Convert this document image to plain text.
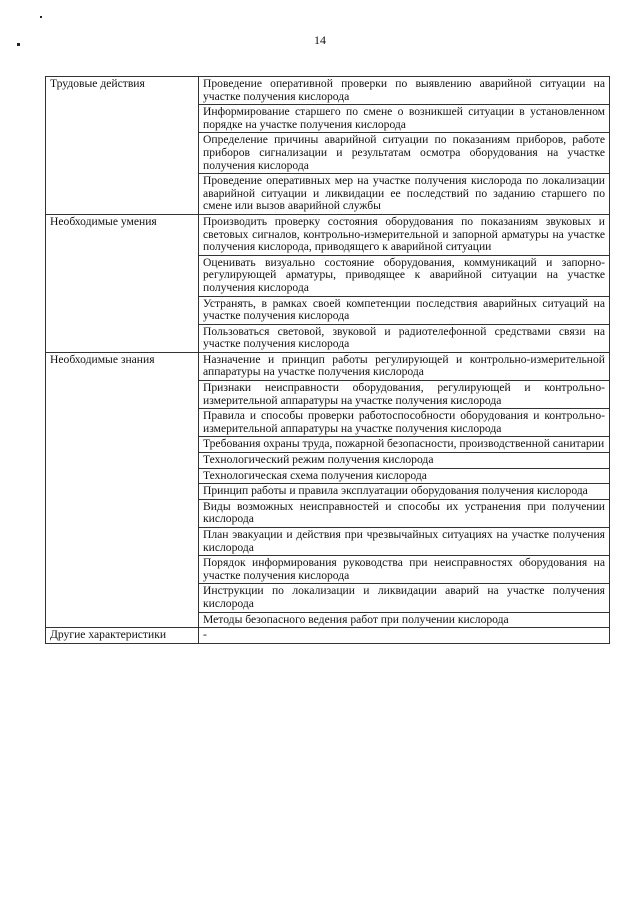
14
Трудовые действия	Проведение оперативной проверки по выявлению аварийной ситуации на участке получения кислорода
	Информирование старшего по смене о возникшей ситуации в установленном порядке на участке получения кислорода
	Определение причины аварийной ситуации по показаниям приборов, работе приборов сигнализации и результатам осмотра оборудования на участке получения кислорода
	Проведение оперативных мер на участке получения кислорода по локализации аварийной ситуации и ликвидации ее последствий по заданию старшего по смене или вызов аварийной службы
Необходимые умения	Производить проверку состояния оборудования по показаниям звуковых и световых сигналов, контрольно-измерительной и запорной арматуры на участке получения кислорода, приводящего к аварийной ситуации
	Оценивать визуально состояние оборудования, коммуникаций и запорно-регулирующей арматуры, приводящее к аварийной ситуации на участке получения кислорода
	Устранять, в рамках своей компетенции последствия аварийных ситуаций на участке получения кислорода
	Пользоваться световой, звуковой и радиотелефонной средствами связи на участке получения кислорода
Необходимые знания	Назначение и принцип работы регулирующей и контрольно-измерительной аппаратуры на участке получения кислорода
	Признаки неисправности оборудования, регулирующей и контрольно-измерительной аппаратуры на участке получения кислорода
	Правила и способы проверки работоспособности оборудования и контрольно-измерительной аппаратуры на участке получения кислорода
	Требования охраны труда, пожарной безопасности, производственной санитарии
	Технологический режим получения кислорода
	Технологическая схема получения кислорода
	Принцип работы и правила эксплуатации оборудования получения кислорода
	Виды возможных неисправностей и способы их устранения при получении кислорода
	План эвакуации и действия при чрезвычайных ситуациях на участке получения кислорода
	Порядок информирования руководства при неисправностях оборудования на участке получения кислорода
	Инструкции по локализации и ликвидации аварий на участке получения кислорода
	Методы безопасного ведения работ при получении кислорода
Другие характеристики	-
